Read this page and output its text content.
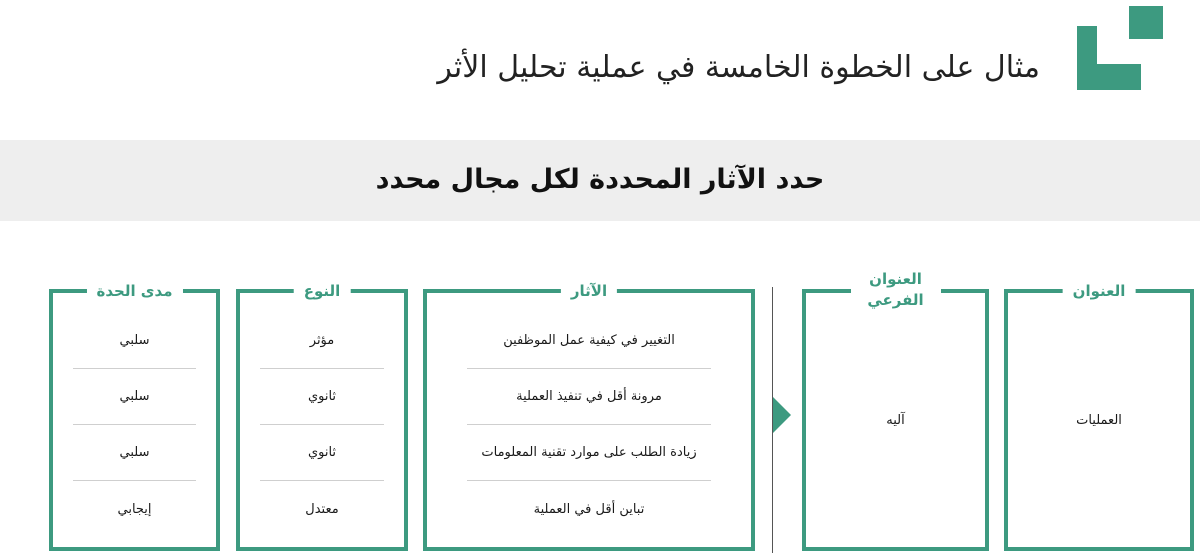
مثال على الخطوة الخامسة في عملية تحليل الأثر
حدد الآثار المحددة لكل مجال محدد
العنوان
العمليات
العنوان الفرعي
آليه
الآثار
التغيير في كيفية عمل الموظفين
مرونة أقل في تنفيذ العملية
زيادة الطلب على موارد تقنية المعلومات
تباين أقل في العملية
النوع
مؤثر
ثانوي
ثانوي
معتدل
مدى الحدة
سلبي
سلبي
سلبي
إيجابي
